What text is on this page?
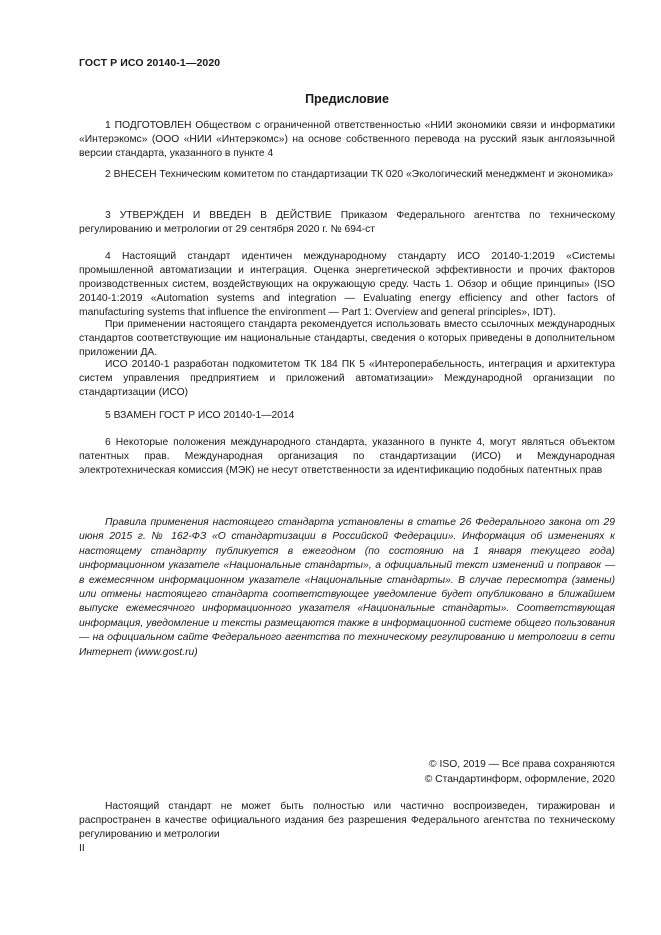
ГОСТ Р ИСО 20140-1—2020
Предисловие

1 ПОДГОТОВЛЕН Обществом с ограниченной ответственностью «НИИ экономики связи и информатики «Интерэкомс» (ООО «НИИ «Интерэкомс») на основе собственного перевода на русский язык англоязычной версии стандарта, указанного в пункте 4

2 ВНЕСЕН Техническим комитетом по стандартизации ТК 020 «Экологический менеджмент и экономика»

3 УТВЕРЖДЕН И ВВЕДЕН В ДЕЙСТВИЕ Приказом Федерального агентства по техническому регулированию и метрологии от 29 сентября 2020 г. № 694-ст

4 Настоящий стандарт идентичен международному стандарту ИСО 20140-1:2019 «Системы промышленной автоматизации и интеграция. Оценка энергетической эффективности и прочих факторов производственных систем, воздействующих на окружающую среду. Часть 1. Обзор и общие принципы» (ISO 20140-1:2019 «Automation systems and integration — Evaluating energy efficiency and other factors of manufacturing systems that influence the environment — Part 1: Overview and general principles», IDT).

При применении настоящего стандарта рекомендуется использовать вместо ссылочных международных стандартов соответствующие им национальные стандарты, сведения о которых приведены в дополнительном приложении ДА.

ИСО 20140-1 разработан подкомитетом ТК 184 ПК 5 «Интероперабельность, интеграция и архитектура систем управления предприятием и приложений автоматизации» Международной организации по стандартизации (ИСО)

5 ВЗАМЕН ГОСТ Р ИСО 20140-1—2014

6 Некоторые положения международного стандарта, указанного в пункте 4, могут являться объектом патентных прав. Международная организация по стандартизации (ИСО) и Международная электротехническая комиссия (МЭК) не несут ответственности за идентификацию подобных патентных прав

Правила применения настоящего стандарта установлены в статье 26 Федерального закона от 29 июня 2015 г. № 162-ФЗ «О стандартизации в Российской Федерации». Информация об изменениях к настоящему стандарту публикуется в ежегодном (по состоянию на 1 января текущего года) информационном указателе «Национальные стандарты», а официальный текст изменений и поправок — в ежемесячном информационном указателе «Национальные стандарты». В случае пересмотра (замены) или отмены настоящего стандарта соответствующее уведомление будет опубликовано в ближайшем выпуске ежемесячного информационного указателя «Национальные стандарты». Соответствующая информация, уведомление и тексты размещаются также в информационной системе общего пользования — на официальном сайте Федерального агентства по техническому регулированию и метрологии в сети Интернет (www.gost.ru)

© ISO, 2019 — Все права сохраняются
© Стандартинформ, оформление, 2020

Настоящий стандарт не может быть полностью или частично воспроизведен, тиражирован и распространен в качестве официального издания без разрешения Федерального агентства по техническому регулированию и метрологии

II
